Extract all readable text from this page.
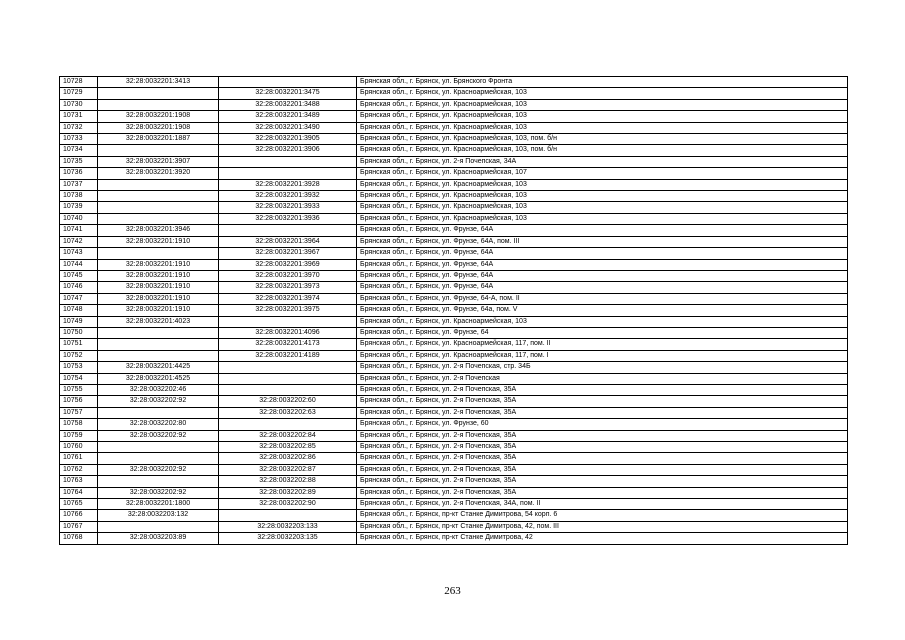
10728	32:28:0032201:3413		Брянская обл., г. Брянск, ул. Брянского Фронта
10729		32:28:0032201:3475	Брянская обл., г. Брянск, ул. Красноармейская, 103
10730		32:28:0032201:3488	Брянская обл., г. Брянск, ул. Красноармейская, 103
10731	32:28:0032201:1908	32:28:0032201:3489	Брянская обл., г. Брянск, ул. Красноармейская, 103
10732	32:28:0032201:1908	32:28:0032201:3490	Брянская обл., г. Брянск, ул. Красноармейская, 103
10733	32:28:0032201:1887	32:28:0032201:3905	Брянская обл., г. Брянск, ул. Красноармейская, 103, пом. б/н
10734		32:28:0032201:3906	Брянская обл., г. Брянск, ул. Красноармейская, 103, пом. б/н
10735	32:28:0032201:3907		Брянская обл., г. Брянск, ул. 2-я Почепская, 34А
10736	32:28:0032201:3920		Брянская обл., г. Брянск, ул. Красноармейская, 107
10737		32:28:0032201:3928	Брянская обл., г. Брянск, ул. Красноармейская, 103
10738		32:28:0032201:3932	Брянская обл., г. Брянск, ул. Красноармейская, 103
10739		32:28:0032201:3933	Брянская обл., г. Брянск, ул. Красноармейская, 103
10740		32:28:0032201:3936	Брянская обл., г. Брянск, ул. Красноармейская, 103
10741	32:28:0032201:3946		Брянская обл., г. Брянск, ул. Фрунзе, 64А
10742	32:28:0032201:1910	32:28:0032201:3964	Брянская обл., г. Брянск, ул. Фрунзе, 64А, пом. III
10743		32:28:0032201:3967	Брянская обл., г. Брянск, ул. Фрунзе, 64А
10744	32:28:0032201:1910	32:28:0032201:3969	Брянская обл., г. Брянск, ул. Фрунзе, 64А
10745	32:28:0032201:1910	32:28:0032201:3970	Брянская обл., г. Брянск, ул. Фрунзе, 64А
10746	32:28:0032201:1910	32:28:0032201:3973	Брянская обл., г. Брянск, ул. Фрунзе, 64А
10747	32:28:0032201:1910	32:28:0032201:3974	Брянская обл., г. Брянск, ул. Фрунзе, 64-А, пом. II
10748	32:28:0032201:1910	32:28:0032201:3975	Брянская обл., г. Брянск, ул. Фрунзе, 64а, пом. V
10749	32:28:0032201:4023		Брянская обл., г. Брянск, ул. Красноармейская, 103
10750		32:28:0032201:4096	Брянская обл., г. Брянск, ул. Фрунзе, 64
10751		32:28:0032201:4173	Брянская обл., г. Брянск, ул. Красноармейская, 117, пом. II
10752		32:28:0032201:4189	Брянская обл., г. Брянск, ул. Красноармейская, 117, пом. I
10753	32:28:0032201:4425		Брянская обл., г. Брянск, ул. 2-я Почепская, стр. 34Б
10754	32:28:0032201:4525		Брянская обл., г. Брянск, ул. 2-я Почепская
10755	32:28:0032202:46		Брянская обл., г. Брянск, ул. 2-я Почепская, 35А
10756	32:28:0032202:92	32:28:0032202:60	Брянская обл., г. Брянск, ул. 2-я Почепская, 35А
10757		32:28:0032202:63	Брянская обл., г. Брянск, ул. 2-я Почепская, 35А
10758	32:28:0032202:80		Брянская обл., г. Брянск, ул. Фрунзе, 60
10759	32:28:0032202:92	32:28:0032202:84	Брянская обл., г. Брянск, ул. 2-я Почепская, 35А
10760		32:28:0032202:85	Брянская обл., г. Брянск, ул. 2-я Почепская, 35А
10761		32:28:0032202:86	Брянская обл., г. Брянск, ул. 2-я Почепская, 35А
10762	32:28:0032202:92	32:28:0032202:87	Брянская обл., г. Брянск, ул. 2-я Почепская, 35А
10763		32:28:0032202:88	Брянская обл., г. Брянск, ул. 2-я Почепская, 35А
10764	32:28:0032202:92	32:28:0032202:89	Брянская обл., г. Брянск, ул. 2-я Почепская, 35А
10765	32:28:0032201:1800	32:28:0032202:90	Брянская обл., г. Брянск, ул. 2-я Почепская, 34А, пом. II
10766	32:28:0032203:132		Брянская обл., г. Брянск, пр-кт Станке Димитрова, 54 корп. 6
10767		32:28:0032203:133	Брянская обл., г. Брянск, пр-кт Станке Димитрова, 42, пом. III
10768	32:28:0032203:89	32:28:0032203:135	Брянская обл., г. Брянск, пр-кт Станке Димитрова, 42
263
